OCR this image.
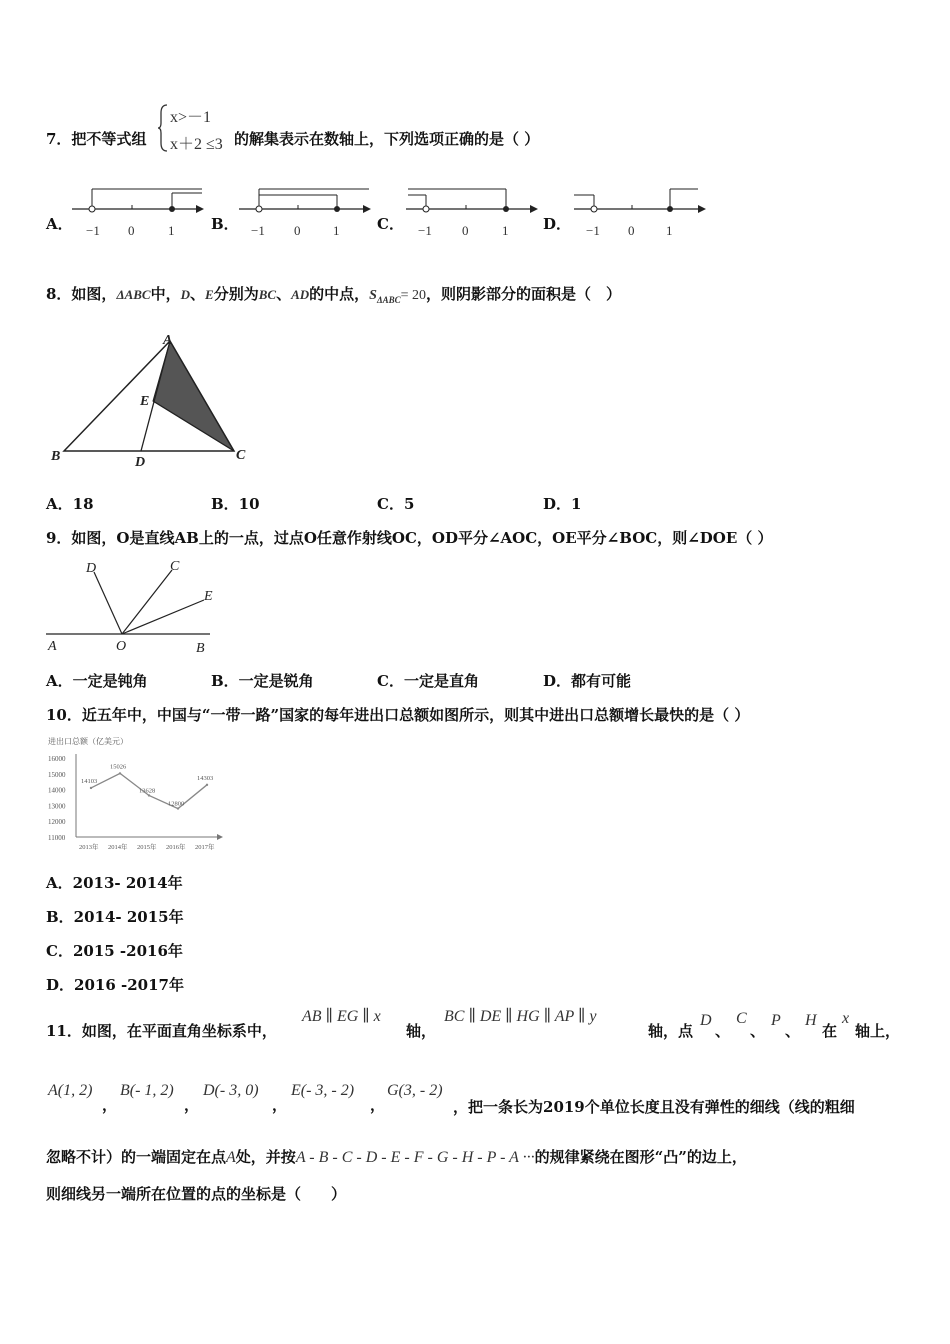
7．把不等式组
x>－1
x＋2 ≤3 的解集表示在数轴上，下列选项正确的是（ ）
A． −1 0	1 B． −1 0	1	C． −1 0	1 D． −1 0 1
8．如图，ΔABC中，D、E分别为BC、AD的中点，$S_{\Delta ABC}= 20$，则阴影部分的面积是（　）
A
B	C
D
E
A．18	B．10	C．5	D．1
9．如图，O是直线AB上的一点，过点O任意作射线OC，OD平分∠AOC，OE平分∠BOC，则∠DOE（ ）
A	B
C
D
E
O
A．一定是钝角	B．一定是锐角	C．一定是直角	D．都有可能
10．近五年中，中国与“一带一路”国家的每年进出口总额如图所示，则其中进出口总额增长最快的是（ ）
进出口总额（亿美元）
11000
12000
13000
14000
15000
16000
2013年 2014年 2015年 2016年 2017年
14103
15026
13628
12800
14303
A．2013- 2014年
B．2014- 2015年
C．2015 -2016年
D．2016 -2017年
11．如图，在平面直角坐标系中，
AB ∥ EG ∥ x
轴，
BC ∥ DE ∥ HG ∥ AP ∥ y
轴，点
D
、
C
、
P
、
H
在
x
轴上，
A(1, 2)
，
B(- 1, 2)
，
D(- 3, 0)
，
E(- 3, - 2)
，
G(3, - 2)
，把一条长为2019个单位长度且没有弹性的细线（线的粗细
忽略不计）的一端固定在点A处，并按A - B - C - D - E - F - G - H - P - A ···的规律紧绕在图形“凸”的边上，
则细线另一端所在位置的点的坐标是（　　）
